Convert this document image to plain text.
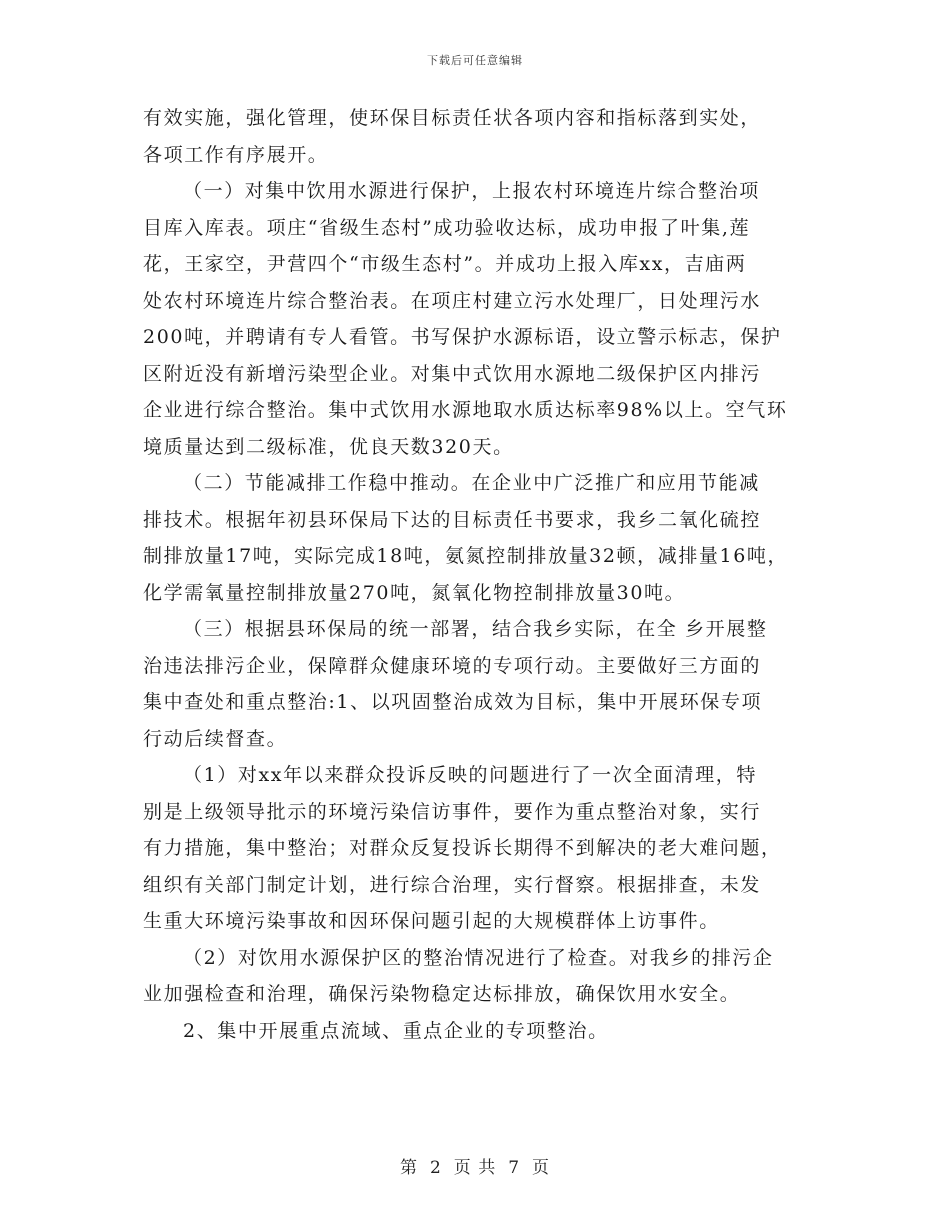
下载后可任意编辑
有效实施，强化管理，使环保目标责任状各项内容和指标落到实处，
各项工作有序展开。
（一）对集中饮用水源进行保护，上报农村环境连片综合整治项
目库入库表。项庄“省级生态村”成功验收达标，成功申报了叶集,莲
花，王家空，尹营四个“市级生态村”。并成功上报入库xx，吉庙两
处农村环境连片综合整治表。在项庄村建立污水处理厂，日处理污水
200吨，并聘请有专人看管。书写保护水源标语，设立警示标志，保护
区附近没有新增污染型企业。对集中式饮用水源地二级保护区内排污
企业进行综合整治。集中式饮用水源地取水质达标率98%以上。空气环
境质量达到二级标准，优良天数320天。
（二）节能减排工作稳中推动。在企业中广泛推广和应用节能减
排技术。根据年初县环保局下达的目标责任书要求，我乡二氧化硫控
制排放量17吨，实际完成18吨，氨氮控制排放量32顿，减排量16吨，
化学需氧量控制排放量270吨，氮氧化物控制排放量30吨。
（三）根据县环保局的统一部署，结合我乡实际，在全 乡开展整
治违法排污企业，保障群众健康环境的专项行动。主要做好三方面的
集中查处和重点整治:1、以巩固整治成效为目标，集中开展环保专项
行动后续督查。
（1）对xx年以来群众投诉反映的问题进行了一次全面清理，特
别是上级领导批示的环境污染信访事件，要作为重点整治对象，实行
有力措施，集中整治；对群众反复投诉长期得不到解决的老大难问题，
组织有关部门制定计划，进行综合治理，实行督察。根据排查，未发
生重大环境污染事故和因环保问题引起的大规模群体上访事件。
（2）对饮用水源保护区的整治情况进行了检查。对我乡的排污企
业加强检查和治理，确保污染物稳定达标排放，确保饮用水安全。
2、集中开展重点流域、重点企业的专项整治。
第 2 页 共 7 页
